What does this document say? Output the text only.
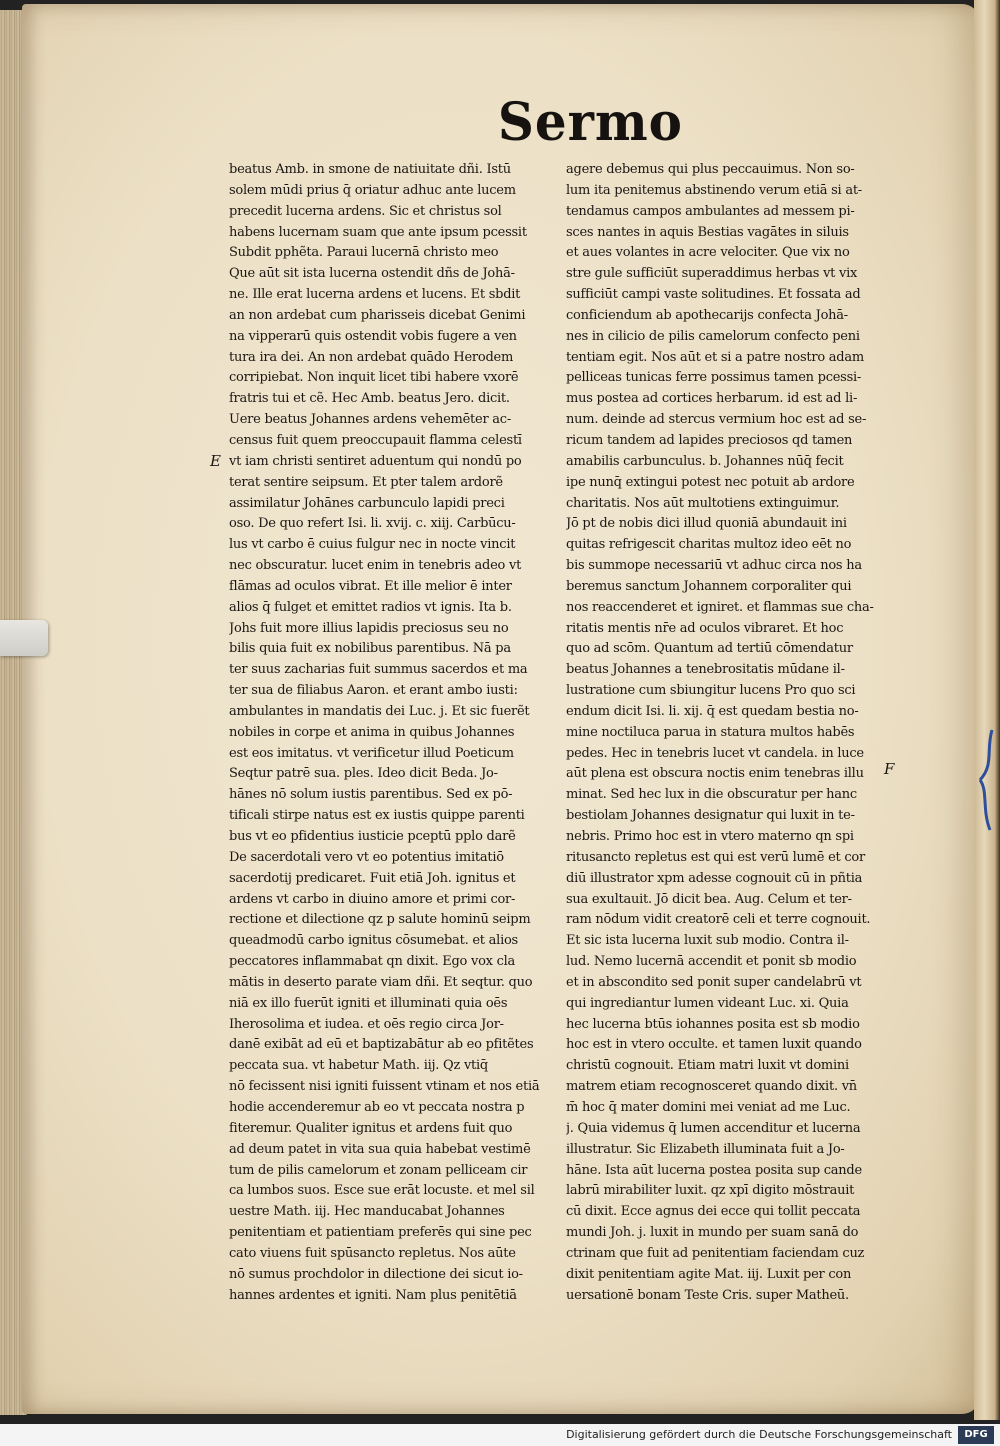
Sermo
E
F
beatus Amb. in smone de natiuitate dñi. Istū
solem mūdi prius q̄ oriatur adhuc ante lucem
precedit lucerna ardens. Sic et christus sol
habens lucernam suam que ante ipsum pcessit
Subdit pphẽta. Paraui lucernā christo meo
Que aūt sit ista lucerna ostendit dñs de Johā-
ne. Ille erat lucerna ardens et lucens. Et sbdit
an non ardebat cum pharisseis dicebat Genimi
na vipperarū quis ostendit vobis fugere a ven
tura ira dei. An non ardebat quādo Herodem
corripiebat. Non inquit licet tibi habere vxorē
fratris tui et cẽ. Hec Amb. beatus Jero. dicit.
Uere beatus Johannes ardens vehemēter ac-
census fuit quem preoccupauit flamma celestī
vt iam christi sentiret aduentum qui nondū po
terat sentire seipsum. Et pter talem ardorẽ
assimilatur Johānes carbunculo lapidi preci
oso. De quo refert Isi. li. xvij. c. xiij. Carbūcu-
lus vt carbo ē cuius fulgur nec in nocte vincit
nec obscuratur. lucet enim in tenebris adeo vt
flāmas ad oculos vibrat. Et ille melior ē inter
alios q̄ fulget et emittet radios vt ignis. Ita b.
Johs fuit more illius lapidis preciosus seu no
bilis quia fuit ex nobilibus parentibus. Nā pa
ter suus zacharias fuit summus sacerdos et ma
ter sua de filiabus Aaron. et erant ambo iusti:
ambulantes in mandatis dei Luc. j. Et sic fuerẽt
nobiles in corpe et anima in quibus Johannes
est eos imitatus. vt verificetur illud Poeticum
Seqtur patrē sua. ples. Ideo dicit Beda. Jo-
hānes nō solum iustis parentibus. Sed ex pō-
tificali stirpe natus est ex iustis quippe parenti
bus vt eo pfidentius iusticie pceptū pplo darẽ
De sacerdotali vero vt eo potentius imitatiō
sacerdotij predicaret. Fuit etiā Joh. ignitus et
ardens vt carbo in diuino amore et primi cor-
rectione et dilectione qz p salute hominū seipm
queadmodū carbo ignitus cōsumebat. et alios
peccatores inflammabat qn dixit. Ego vox cla
mātis in deserto parate viam dñi. Et seqtur. quo
niā ex illo fuerūt igniti et illuminati quia oēs
Iherosolima et iudea. et oēs regio circa Jor-
danē exibāt ad eū et baptizabātur ab eo pfitẽtes
peccata sua. vt habetur Math. iij. Qz vtiq̄
nō fecissent nisi igniti fuissent vtinam et nos etiā
hodie accenderemur ab eo vt peccata nostra p
fiteremur. Qualiter ignitus et ardens fuit quo
ad deum patet in vita sua quia habebat vestimē
tum de pilis camelorum et zonam pelliceam cir
ca lumbos suos. Esce sue erāt locuste. et mel sil
uestre Math. iij. Hec manducabat Johannes
penitentiam et patientiam preferēs qui sine pec
cato viuens fuit spūsancto repletus. Nos aūte
nō sumus prochdolor in dilectione dei sicut io-
hannes ardentes et igniti. Nam plus penitētiā
agere debemus qui plus peccauimus. Non so-
lum ita penitemus abstinendo verum etiā si at-
tendamus campos ambulantes ad messem pi-
sces nantes in aquis Bestias vagātes in siluis
et aues volantes in acre velociter. Que vix no
stre gule sufficiūt superaddimus herbas vt vix
sufficiūt campi vaste solitudines. Et fossata ad
conficiendum ab apothecarijs confecta Johā-
nes in cilicio de pilis camelorum confecto peni
tentiam egit. Nos aūt et si a patre nostro adam
pelliceas tunicas ferre possimus tamen pcessi-
mus postea ad cortices herbarum. id est ad li-
num. deinde ad stercus vermium hoc est ad se-
ricum tandem ad lapides preciosos qd tamen
amabilis carbunculus. b. Johannes nūq̄ fecit
ipe nunq̄ extingui potest nec potuit ab ardore
charitatis. Nos aūt multotiens extinguimur.
Jō pt de nobis dici illud quoniā abundauit ini
quitas refrigescit charitas multoz ideo eēt no
bis summope necessariū vt adhuc circa nos ha
beremus sanctum Johannem corporaliter qui
nos reaccenderet et igniret. et flammas sue cha-
ritatis mentis nr̄e ad oculos vibraret. Et hoc
quo ad scōm. Quantum ad tertiū cōmendatur
beatus Johannes a tenebrositatis mūdane il-
lustratione cum sbiungitur lucens Pro quo sci
endum dicit Isi. li. xij. q̄ est quedam bestia no-
mine noctiluca parua in statura multos habēs
pedes. Hec in tenebris lucet vt candela. in luce
aūt plena est obscura noctis enim tenebras illu
minat. Sed hec lux in die obscuratur per hanc
bestiolam Johannes designatur qui luxit in te-
nebris. Primo hoc est in vtero materno qn spi
ritusancto repletus est qui est verū lumē et cor
diū illustrator xpm adesse cognouit cū in pñtia
sua exultauit. Jō dicit bea. Aug. Celum et ter-
ram nōdum vidit creatorē celi et terre cognouit.
Et sic ista lucerna luxit sub modio. Contra il-
lud. Nemo lucernā accendit et ponit sb modio
et in abscondito sed ponit super candelabrū vt
qui ingrediantur lumen videant Luc. xi. Quia
hec lucerna btūs iohannes posita est sb modio
hoc est in vtero occulte. et tamen luxit quando
christū cognouit. Etiam matri luxit vt domini
matrem etiam recognosceret quando dixit. vn̄
m̄ hoc q̄ mater domini mei veniat ad me Luc.
j. Quia videmus q̄ lumen accenditur et lucerna
illustratur. Sic Elizabeth illuminata fuit a Jo-
hāne. Ista aūt lucerna postea posita sup cande
labrū mirabiliter luxit. qz xpī digito mōstrauit
cū dixit. Ecce agnus dei ecce qui tollit peccata
mundi Joh. j. luxit in mundo per suam sanā do
ctrinam que fuit ad penitentiam faciendam cuz
dixit penitentiam agite Mat. iij. Luxit per con
uersationē bonam Teste Cris. super Matheū.
Digitalisierung gefördert durch die Deutsche Forschungsgemeinschaft	DFG
